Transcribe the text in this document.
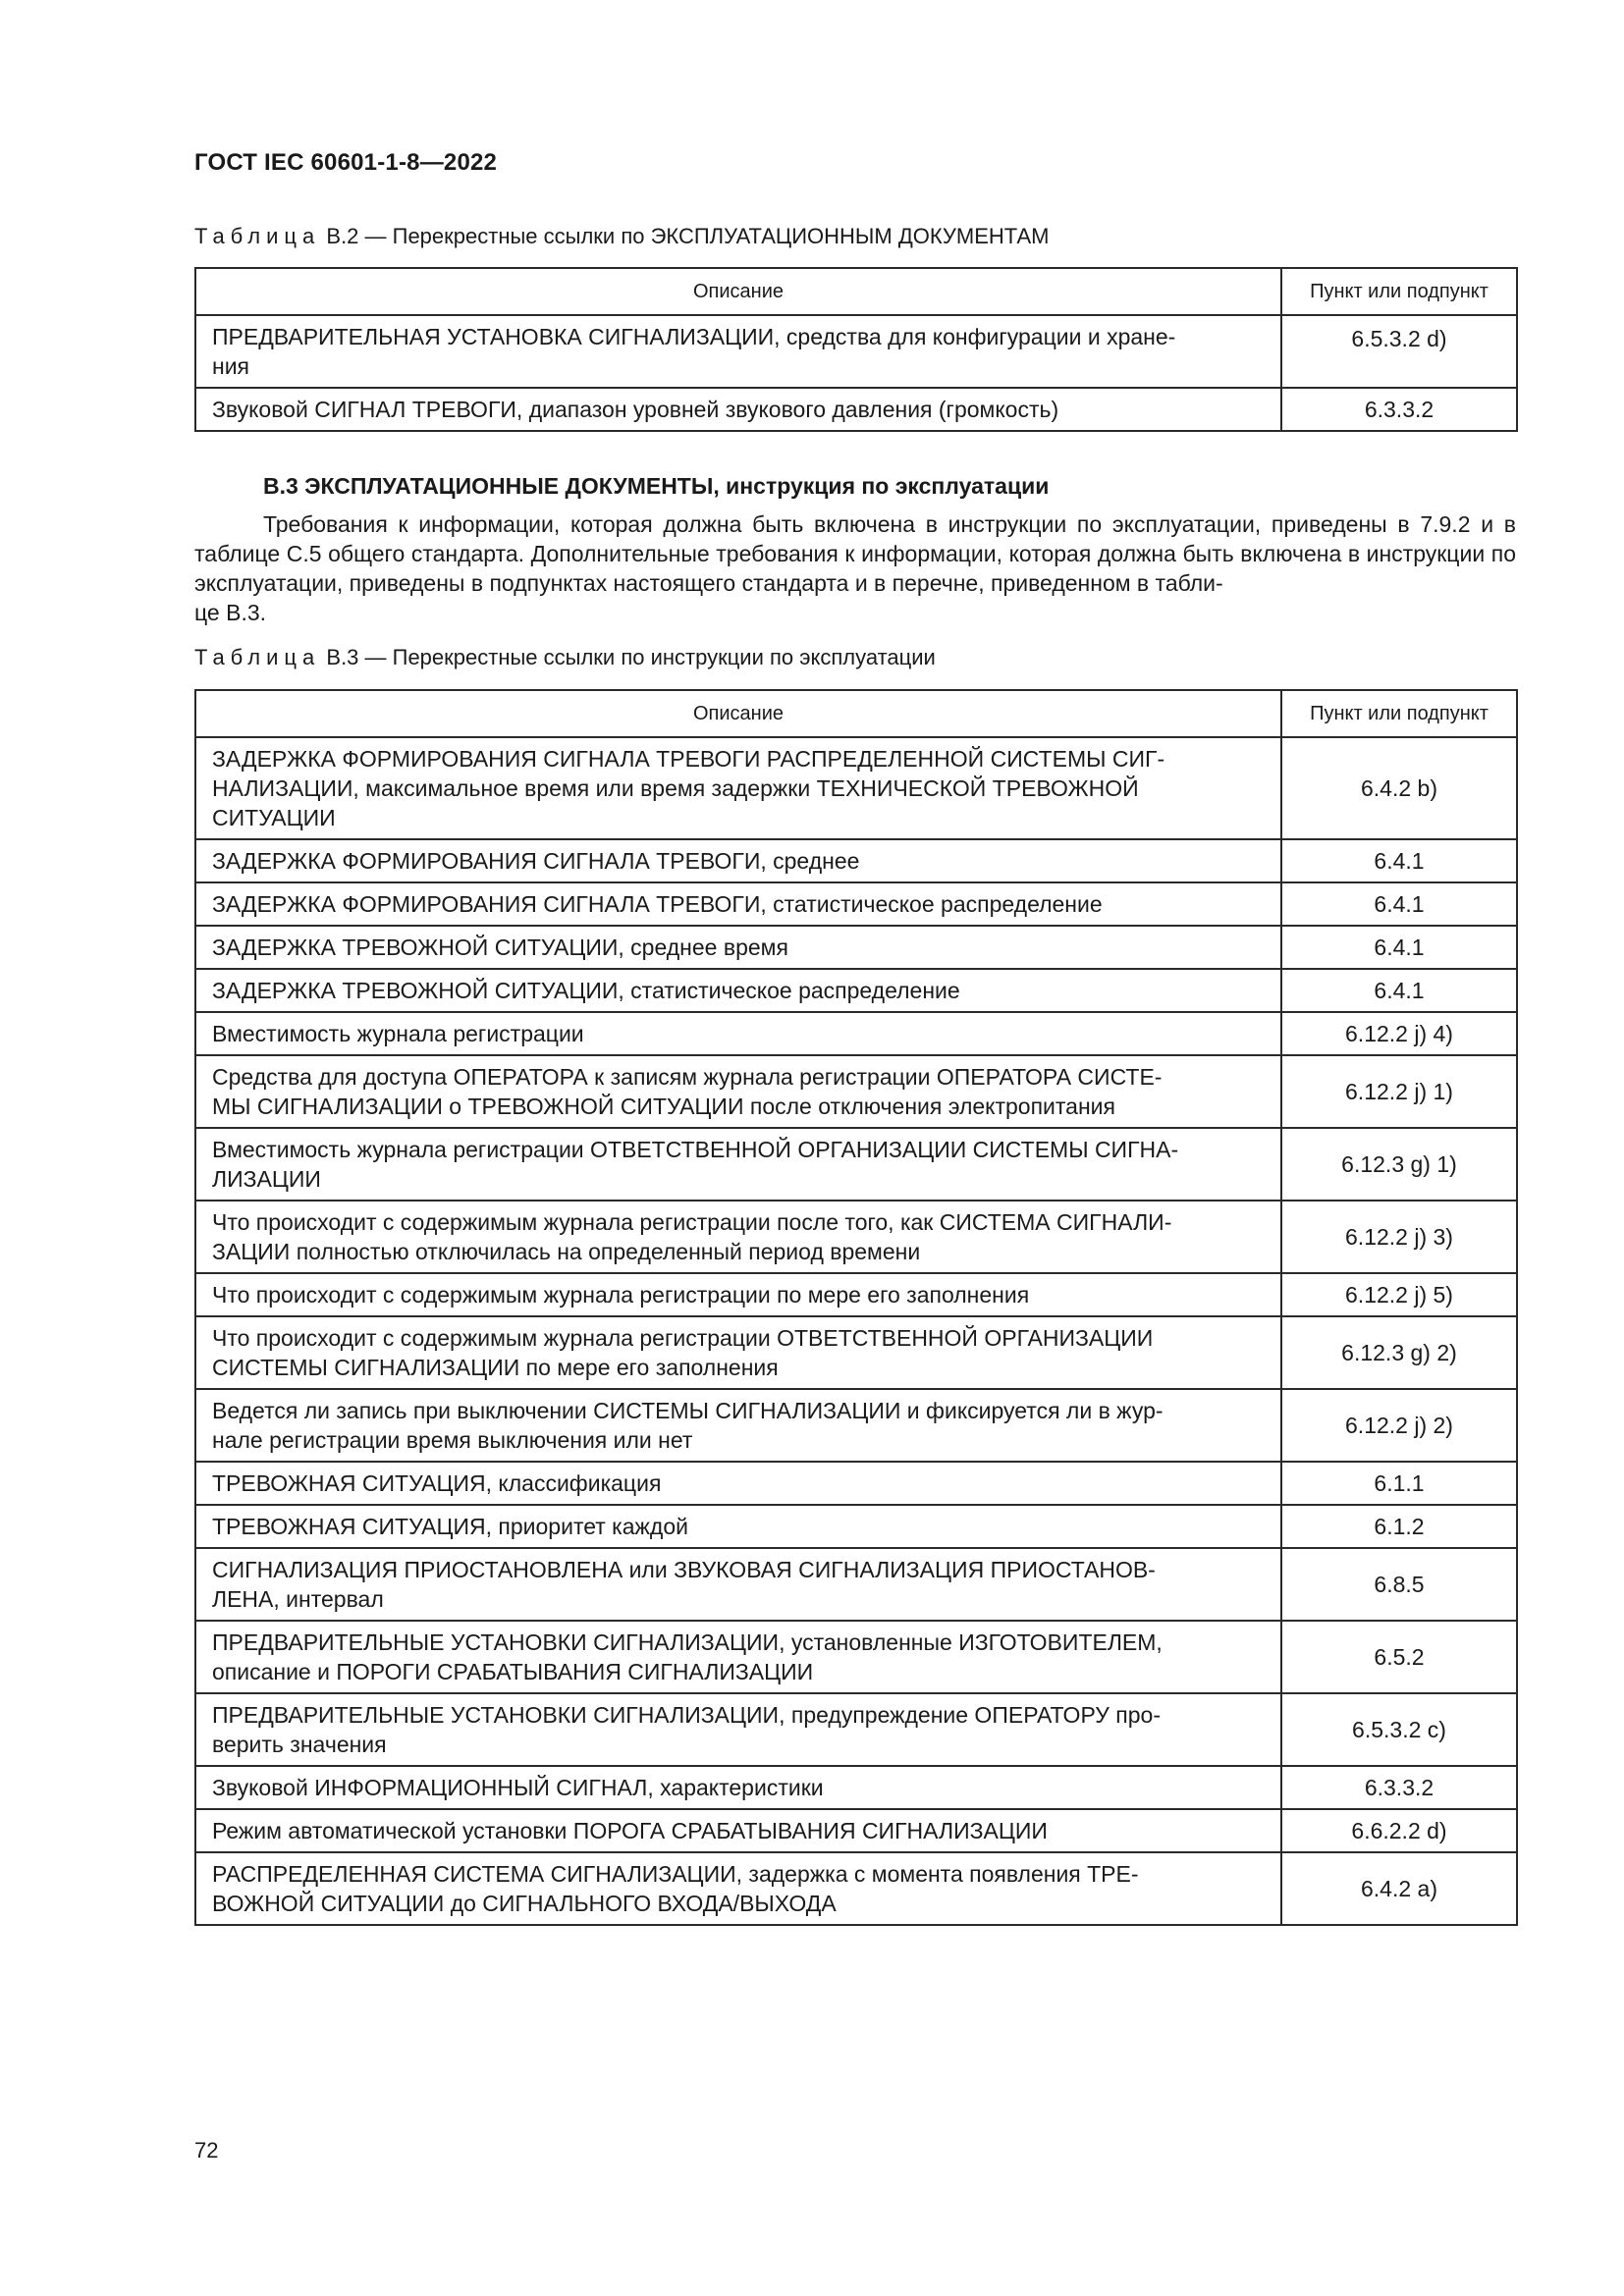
ГОСТ IEC 60601-1-8—2022
Таблица В.2 — Перекрестные ссылки по ЭКСПЛУАТАЦИОННЫМ ДОКУМЕНТАМ
Описание	Пункт или подпункт
ПРЕДВАРИТЕЛЬНАЯ УСТАНОВКА СИГНАЛИЗАЦИИ, средства для конфигурации и хране-
ния	6.5.3.2 d)
Звуковой СИГНАЛ ТРЕВОГИ, диапазон уровней звукового давления (громкость)	6.3.3.2
В.3 ЭКСПЛУАТАЦИОННЫЕ ДОКУМЕНТЫ, инструкция по эксплуатации

Требования к информации, которая должна быть включена в инструкции по эксплуатации, приведены в 7.9.2 и в таблице С.5 общего стандарта. Дополнительные требования к информации, которая должна быть включена в инструкции по эксплуатации, приведены в подпунктах настоящего стандарта и в перечне, приведенном в табли-
це В.3.

Таблица В.3 — Перекрестные ссылки по инструкции по эксплуатации
Описание	Пункт или подпункт
ЗАДЕРЖКА ФОРМИРОВАНИЯ СИГНАЛА ТРЕВОГИ РАСПРЕДЕЛЕННОЙ СИСТЕМЫ СИГ-
НАЛИЗАЦИИ, максимальное время или время задержки ТЕХНИЧЕСКОЙ ТРЕВОЖНОЙ
СИТУАЦИИ	6.4.2 b)
ЗАДЕРЖКА ФОРМИРОВАНИЯ СИГНАЛА ТРЕВОГИ, среднее	6.4.1
ЗАДЕРЖКА ФОРМИРОВАНИЯ СИГНАЛА ТРЕВОГИ, статистическое распределение	6.4.1
ЗАДЕРЖКА ТРЕВОЖНОЙ СИТУАЦИИ, среднее время	6.4.1
ЗАДЕРЖКА ТРЕВОЖНОЙ СИТУАЦИИ, статистическое распределение	6.4.1
Вместимость журнала регистрации	6.12.2 j) 4)
Средства для доступа ОПЕРАТОРА к записям журнала регистрации ОПЕРАТОРА СИСТЕ-
МЫ СИГНАЛИЗАЦИИ о ТРЕВОЖНОЙ СИТУАЦИИ после отключения электропитания	6.12.2 j) 1)
Вместимость журнала регистрации ОТВЕТСТВЕННОЙ ОРГАНИЗАЦИИ СИСТЕМЫ СИГНА-
ЛИЗАЦИИ	6.12.3 g) 1)
Что происходит с содержимым журнала регистрации после того, как СИСТЕМА СИГНАЛИ-
ЗАЦИИ полностью отключилась на определенный период времени	6.12.2 j) 3)
Что происходит с содержимым журнала регистрации по мере его заполнения	6.12.2 j) 5)
Что происходит с содержимым журнала регистрации ОТВЕТСТВЕННОЙ ОРГАНИЗАЦИИ
СИСТЕМЫ СИГНАЛИЗАЦИИ по мере его заполнения	6.12.3 g) 2)
Ведется ли запись при выключении СИСТЕМЫ СИГНАЛИЗАЦИИ и фиксируется ли в жур-
нале регистрации время выключения или нет	6.12.2 j) 2)
ТРЕВОЖНАЯ СИТУАЦИЯ, классификация	6.1.1
ТРЕВОЖНАЯ СИТУАЦИЯ, приоритет каждой	6.1.2
СИГНАЛИЗАЦИЯ ПРИОСТАНОВЛЕНА или ЗВУКОВАЯ СИГНАЛИЗАЦИЯ ПРИОСТАНОВ-
ЛЕНА, интервал	6.8.5
ПРЕДВАРИТЕЛЬНЫЕ УСТАНОВКИ СИГНАЛИЗАЦИИ, установленные ИЗГОТОВИТЕЛЕМ,
описание и ПОРОГИ СРАБАТЫВАНИЯ СИГНАЛИЗАЦИИ	6.5.2
ПРЕДВАРИТЕЛЬНЫЕ УСТАНОВКИ СИГНАЛИЗАЦИИ, предупреждение ОПЕРАТОРУ про-
верить значения	6.5.3.2 c)
Звуковой ИНФОРМАЦИОННЫЙ СИГНАЛ, характеристики	6.3.3.2
Режим автоматической установки ПОРОГА СРАБАТЫВАНИЯ СИГНАЛИЗАЦИИ	6.6.2.2 d)
РАСПРЕДЕЛЕННАЯ СИСТЕМА СИГНАЛИЗАЦИИ, задержка с момента появления ТРЕ-
ВОЖНОЙ СИТУАЦИИ до СИГНАЛЬНОГО ВХОДА/ВЫХОДА	6.4.2 a)
72
